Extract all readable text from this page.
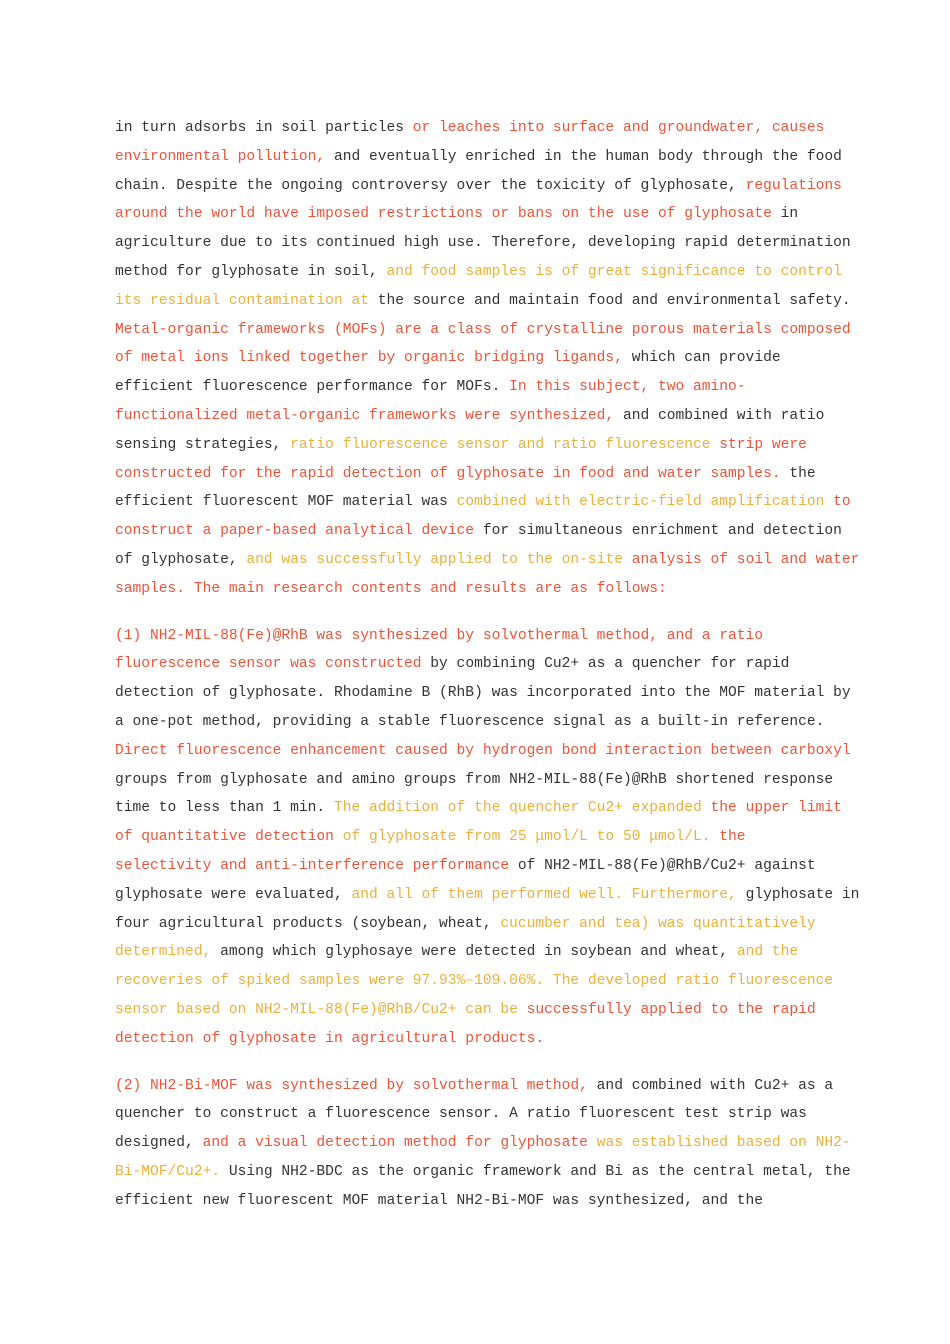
in turn adsorbs in soil particles or leaches into surface and groundwater, causes
environmental pollution, and eventually enriched in the human body through the food
chain. Despite the ongoing controversy over the toxicity of glyphosate, regulations
around the world have imposed restrictions or bans on the use of glyphosate in
agriculture due to its continued high use. Therefore, developing rapid determination
method for glyphosate in soil, and food samples is of great significance to control
its residual contamination at the source and maintain food and environmental safety.
Metal-organic frameworks (MOFs) are a class of crystalline porous materials composed
of metal ions linked together by organic bridging ligands, which can provide
efficient fluorescence performance for MOFs. In this subject, two amino-
functionalized metal-organic frameworks were synthesized, and combined with ratio
sensing strategies, ratio fluorescence sensor and ratio fluorescence strip were
constructed for the rapid detection of glyphosate in food and water samples. the
efficient fluorescent MOF material was combined with electric-field amplification to
construct a paper-based analytical device for simultaneous enrichment and detection
of glyphosate, and was successfully applied to the on-site analysis of soil and water
samples. The main research contents and results are as follows:
(1) NH2-MIL-88(Fe)@RhB was synthesized by solvothermal method, and a ratio
fluorescence sensor was constructed by combining Cu2+ as a quencher for rapid
detection of glyphosate. Rhodamine B (RhB) was incorporated into the MOF material by
a one-pot method, providing a stable fluorescence signal as a built-in reference.
Direct fluorescence enhancement caused by hydrogen bond interaction between carboxyl
groups from glyphosate and amino groups from NH2-MIL-88(Fe)@RhB shortened response
time to less than 1 min. The addition of the quencher Cu2+ expanded the upper limit
of quantitative detection of glyphosate from 25 μmol/L to 50 μmol/L. the
selectivity and anti-interference performance of NH2-MIL-88(Fe)@RhB/Cu2+ against
glyphosate were evaluated, and all of them performed well. Furthermore, glyphosate in
four agricultural products (soybean, wheat, cucumber and tea) was quantitatively
determined, among which glyphosaye were detected in soybean and wheat, and the
recoveries of spiked samples were 97.93%–109.06%. The developed ratio fluorescence
sensor based on NH2-MIL-88(Fe)@RhB/Cu2+ can be successfully applied to the rapid
detection of glyphosate in agricultural products.
(2) NH2-Bi-MOF was synthesized by solvothermal method, and combined with Cu2+ as a
quencher to construct a fluorescence sensor. A ratio fluorescent test strip was
designed, and a visual detection method for glyphosate was established based on NH2-
Bi-MOF/Cu2+. Using NH2-BDC as the organic framework and Bi as the central metal, the
efficient new fluorescent MOF material NH2-Bi-MOF was synthesized, and the
